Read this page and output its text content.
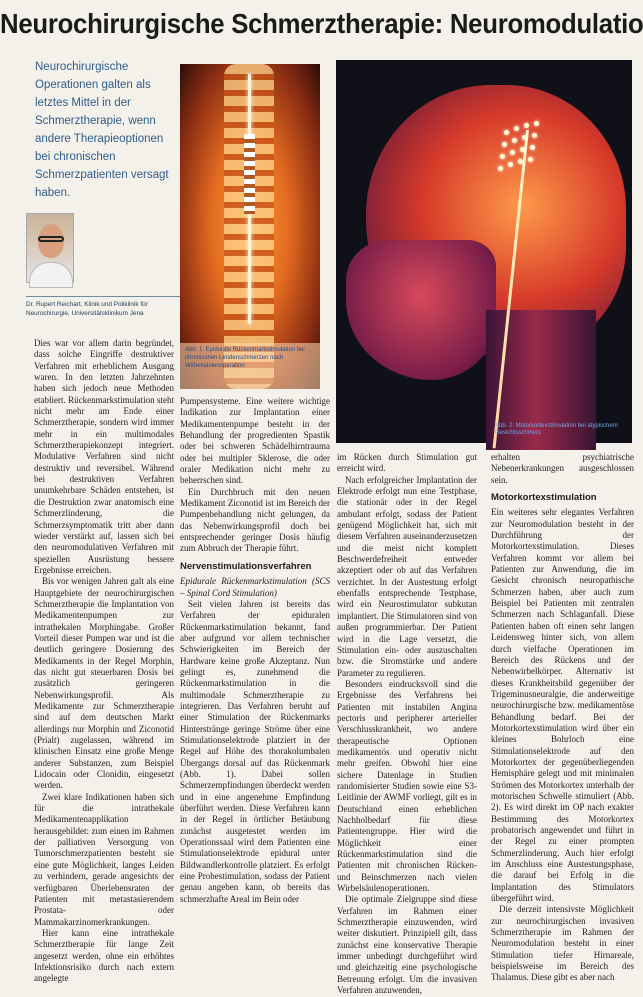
Neurochirurgische Schmerztherapie: Neuromodulatio

Neurochirurgische Operationen galten als letztes Mittel in der Schmerztherapie, wenn andere Therapieoptionen bei chronischen Schmerzpatienten versagt haben.

Dr. Rupert Reichart, Klinik und Poliklinik für Neurochirurgie, Universitätsklinikum Jena
Abb. 1: Epidurale Rückenmarkstimulation bei chronischen Lendenschmerzen nach Wirbelsäulenoperation
Abb. 2: Motorkortexstimulation bei atypischem Gesichtsschmerz

Dies war vor allem darin begründet, dass solche Eingriffe destruktiver Verfahren mit erheblichem Ausgang waren. In den letzten Jahrzehnten haben sich jedoch neue Methoden etabliert. Rückenmarkstimulation steht nicht mehr am Ende einer Schmerztherapie, sondern wird immer mehr in ein multimodales Schmerztherapiekonzept integriert. Modulative Verfahren sind nicht destruktiv und reversibel. Während bei destruktiven Verfahren unumkehrbare Schäden entstehen, ist die Destruktion zwar anatomisch eine Schmerzlinderung, die Schmerzsymptomatik tritt aber dann wieder verstärkt auf, lassen sich bei den neuromodulativen Verfahren mit speziellen Ausrüstung bessere Ergebnisse erreichen.

Bis vor wenigen Jahren galt als eine Hauptgebiete der neurochirurgischen Schmerztherapie die Implantation von Medikamentenpumpen zur intrathekalen Morphingabe. Großer Vorteil dieser Pumpen war und ist die deutlich geringere Dosierung des Medikaments in der Regel Morphin, das nicht gut steuerbaren Dosis bei zusätzlich geringeren Nebenwirkungsprofil. Als Medikamente zur Schmerztherapie sind auf dem deutschen Markt allerdings nur Morphin und Ziconotid (Prialt) zugelassen, während im klinischen Einsatz eine große Menge anderer Substanzen, zum Beispiel Lidocain oder Clonidin, eingesetzt werden.

Zwei klare Indikationen haben sich für die intrathekale Medikamentenapplikation herausgebildet: zum einen im Rahmen der palliativen Versorgung von Tumorschmerzpatienten besteht sie eine gute Möglichkeit, langes Leiden zu verhindern, gerade angesichts der verfügbaren Überlebensraten der Patienten mit metastasierendem Prostata- oder Mammakarzinomerkrankungen.

Hier kann eine intrathekale Schmerztherapie für lange Zeit angesetzt werden, ohne ein erhöhtes Infektionsrisiko durch nach extern angelegte

Pumpensysteme. Eine weitere wichtige Indikation zur Implantation einer Medikamentenpumpe besteht in der Behandlung der progredienten Spastik oder bei schweren Schädelhirntrauma oder bei multipler Sklerose, die oder oraler Medikation nicht mehr zu beherrschen sind.

Ein Durchbruch mit den neuen Medikament Ziconotid ist im Bereich der Pumpenbehandlung nicht gelungen, da das Nebenwirkungsprofil doch bei entsprechender geringer Dosis häufig zum Abbruch der Therapie führt.

Nervenstimulationsverfahren

Epidurale Rückenmarkstimulation (SCS – Spinal Cord Stimulation)

Seit vielen Jahren ist bereits das Verfahren der epiduralen Rückenmarkstimulation bekannt, fand aber aufgrund vor allem technischer Schwierigkeiten im Bereich der Hardware keine große Akzeptanz. Nun gelingt es, zunehmend die Rückenmarkstimulation in die multimodale Schmerztherapie zu integrieren. Das Verfahren beruht auf einer Stimulation der Rückenmarks Hinterstränge geringe Ströme über eine Stimulationselektrode platziert in der Regel auf Höhe des thorakolumbalen Übergangs dorsal auf das Rückenmark (Abb. 1). Dabei sollen Schmerzempfindungen überdeckt werden und in eine angenehme Empfindung überführt werden. Diese Verfahren kann in der Regel in örtlicher Betäubung zunächst ausgetestet werden im Operationssaal wird dem Patienten eine Stimulationselektrode epidural unter Bildwandlerkontrolle platziert. Es erfolgt eine Probestimulation, sodass der Patient genau angeben kann, ob bereits das schmerzhafte Areal im Bein oder

im Rücken durch Stimulation gut erreicht wird.

Nach erfolgreicher Implantation der Elektrode erfolgt nun eine Testphase, die stationär oder in der Regel ambulant erfolgt, sodass der Patient genügend Möglichkeit hat, sich mit diesem Verfahren auseinanderzusetzen und die meist nicht komplett Beschwerdefreiheit entweder akzeptiert oder ob auf das Verfahren verzichtet. In der Austestung erfolgt ebenfalls entsprechende Testphase, wird ein Neurostimulator subkutan implantiert. Die Stimulatoren sind von außen programmierbar. Der Patient wird in die Lage versetzt, die Stimulation ein- oder auszuschalten bzw. die Stromstärke und andere Parameter zu regulieren.

Besonders eindrucksvoll sind die Ergebnisse des Verfahrens bei Patienten mit instabilen Angina pectoris und peripherer arterieller Verschlusskrankheit, wo andere therapeutische Optionen medikamentös und operativ nicht mehr greifen. Obwohl hier eine sichere Datenlage in Studien randomisierter Studien sowie eine S3-Leitlinie der AWMF vorliegt, gilt es in Deutschland einen erheblichen Nachholbedarf für diese Patientengruppe. Hier wird die Möglichkeit einer Rückenmarkstimulation sind die Patienten mit chronischen Rücken- und Beinschmerzen nach vielen Wirbelsäulenoperationen.

Die optimale Zielgruppe sind diese Verfahren im Rahmen einer Schmerztherapie einzuwenden, wird weiter diskutiert. Prinzipiell gilt, dass zunächst eine konservative Therapie immer unbedingt durchgeführt wird und gleichzeitig eine psychologische Betreuung erfolgt. Um die invasiven Verfahren anzuwenden,

erhalten psychiatrische Nebenerkrankungen ausgeschlossen sein.

Motorkortexstimulation

Ein weiteres sehr elegantes Verfahren zur Neuromodulation besteht in der Durchführung der Motorkortexstimulation. Dieses Verfahren kommt vor allem bei Patienten zur Anwendung, die im Gesicht chronisch neuropathische Schmerzen haben, aber auch zum Beispiel bei Patienten mit zentralen Schmerzen nach Schlaganfall. Diese Patienten haben oft einen sehr langen Leidensweg hinter sich, von allem durch vielfache Operationen im Bereich des Rückens und der Nebenwirbelkörper. Alternativ ist dieses Krankheitsbild gegenüber der Trigeminusneuralgie, die anderweitige neurochirurgische bzw. medikamentöse Behandlung bedarf. Bei der Motorkortexstimulation wird über ein kleines Bohrloch eine Stimulationselektrode auf den Motorkortex der gegenüberliegenden Hemisphäre gelegt und mit minimalen Strömen des Motorkortex unterhalb der motorischen Schwelle stimuliert (Abb. 2). Es wird direkt im OP nach exakter Bestimmung des Motorkortex probatorisch angewendet und führt in der Regel zu einer prompten Schmerzlinderung. Auch hier erfolgt im Anschluss eine Austestungsphase, die darauf bei Erfolg in die Implantation des Stimulators übergeführt wird.

Die derzeit intensivste Möglichkeit zur neurochirurgischen invasiven Schmerztherapie im Rahmen der Neuromodulation besteht in einer Stimulation tiefer Hirnareale, beispielsweise im Bereich des Thalamus. Diese gibt es aber nach
